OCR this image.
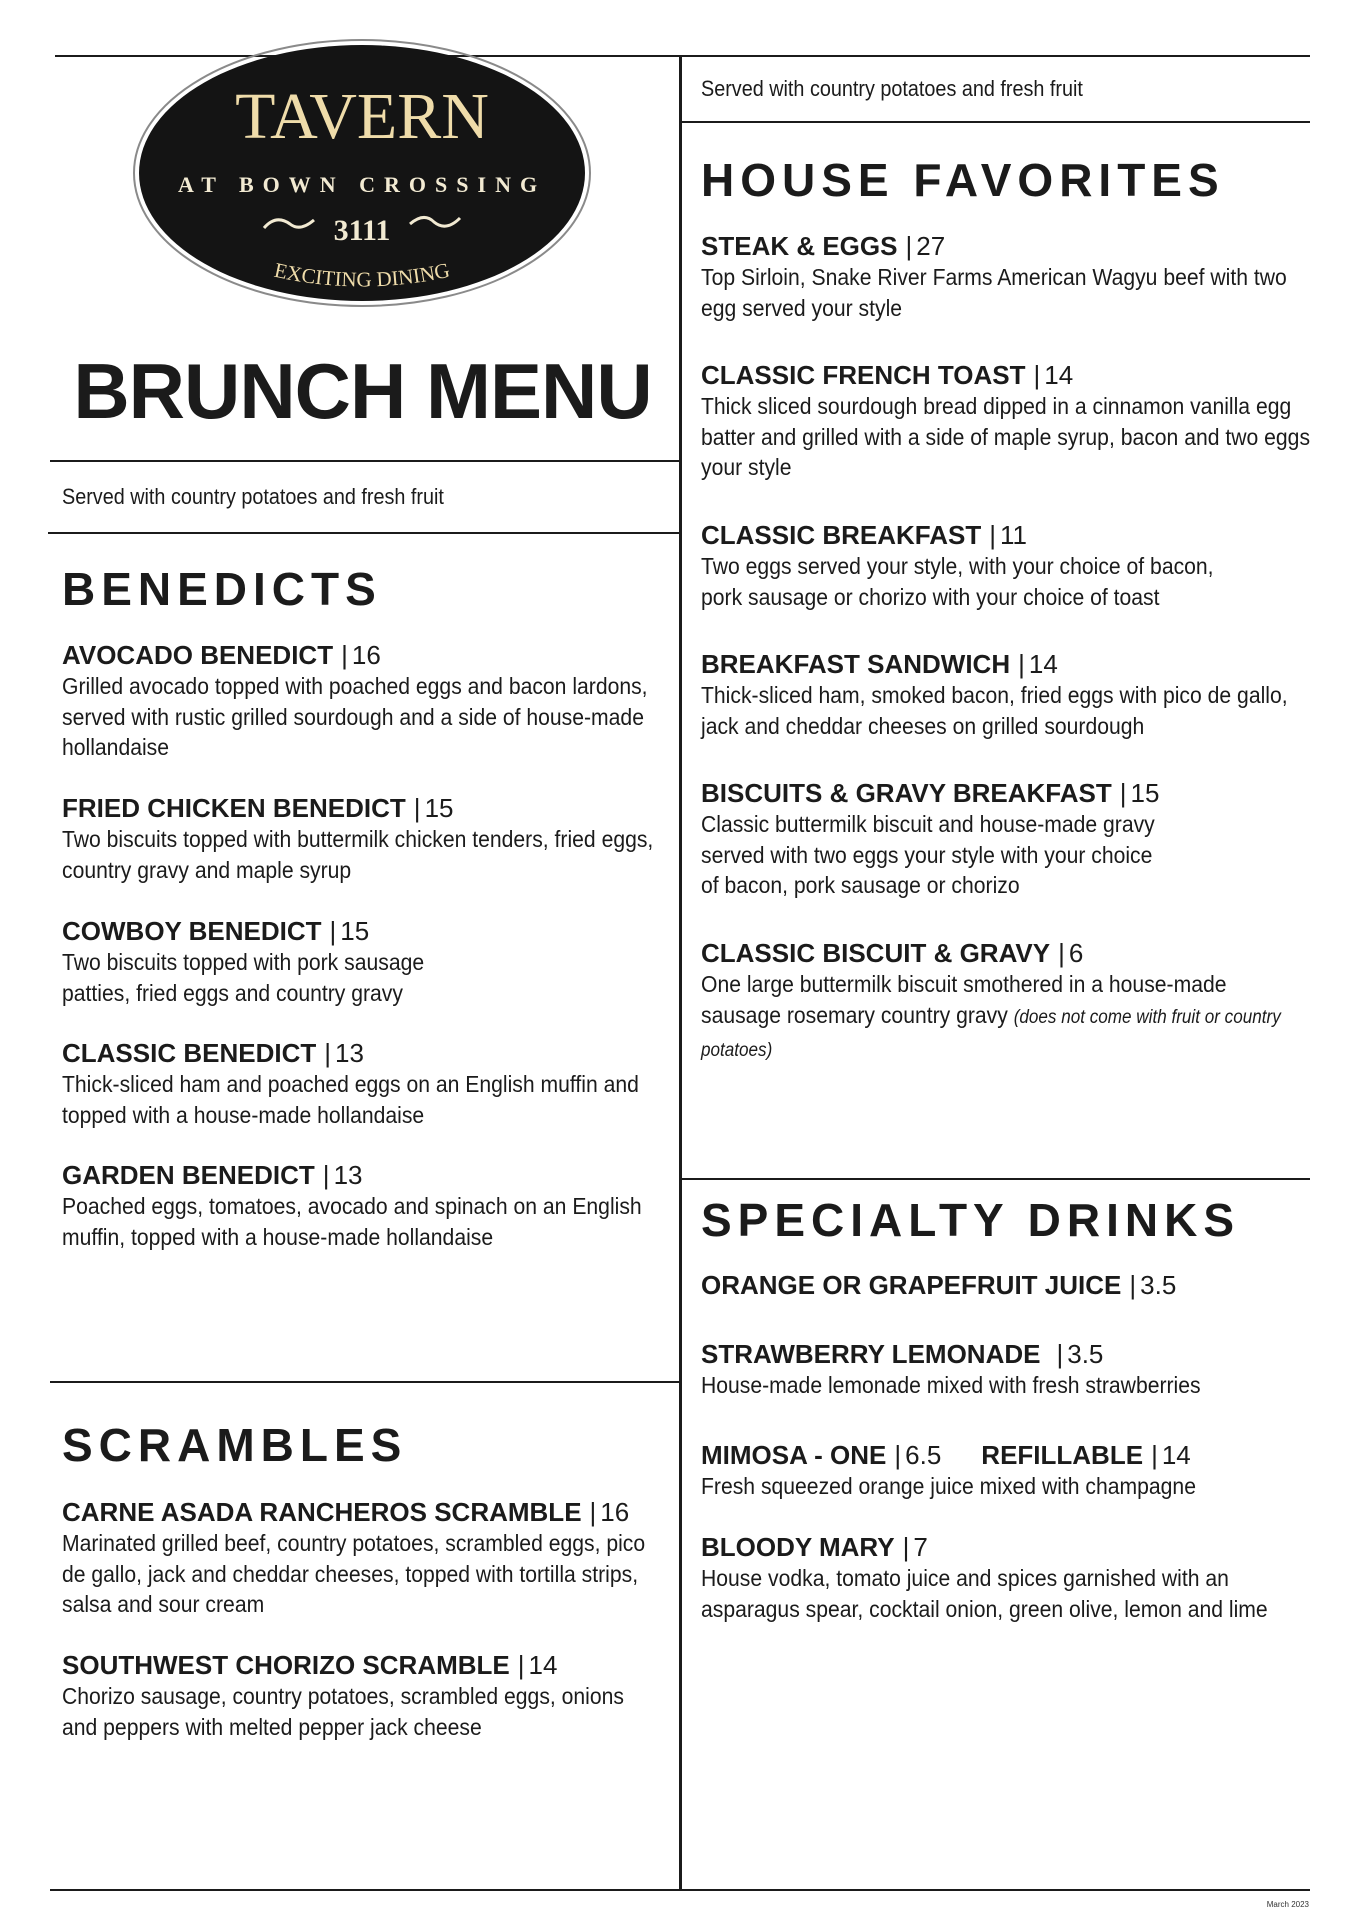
TAVERN
AT BOWN CROSSING
3111
EXCITING DINING
BRUNCH MENU
Served with country potatoes and fresh fruit
Served with country potatoes and fresh fruit
BENEDICTS
AVOCADO BENEDICT | 16

Grilled avocado topped with poached eggs and bacon lardons, served with rustic grilled sourdough and a side of house-made hollandaise

FRIED CHICKEN BENEDICT | 15

Two biscuits topped with buttermilk chicken tenders, fried eggs, country gravy and maple syrup

COWBOY BENEDICT | 15

Two biscuits topped with pork sausage patties, fried eggs and country gravy

CLASSIC BENEDICT | 13

Thick-sliced ham and poached eggs on an English muffin and topped with a house-made hollandaise

GARDEN BENEDICT | 13

Poached eggs, tomatoes, avocado and spinach on an English muffin, topped with a house-made hollandaise

SCRAMBLES
CARNE ASADA RANCHEROS SCRAMBLE | 16

Marinated grilled beef, country potatoes, scrambled eggs, pico de gallo, jack and cheddar cheeses, topped with tortilla strips, salsa and sour cream

SOUTHWEST CHORIZO SCRAMBLE | 14

Chorizo sausage, country potatoes, scrambled eggs, onions and peppers with melted pepper jack cheese

HOUSE FAVORITES
STEAK & EGGS | 27

Top Sirloin, Snake River Farms American Wagyu beef with two egg served your style

CLASSIC FRENCH TOAST | 14

Thick sliced sourdough bread dipped in a cinnamon vanilla egg batter and grilled with a side of maple syrup, bacon and two eggs your style

CLASSIC BREAKFAST | 11

Two eggs served your style, with your choice of bacon, pork sausage or chorizo with your choice of toast

BREAKFAST SANDWICH | 14

Thick-sliced ham, smoked bacon, fried eggs with pico de gallo, jack and cheddar cheeses on grilled sourdough

BISCUITS & GRAVY BREAKFAST | 15

Classic buttermilk biscuit and house-made gravy served with two eggs your style with your choice of bacon, pork sausage or chorizo

CLASSIC BISCUIT & GRAVY | 6

One large buttermilk biscuit smothered in a house-made sausage rosemary country gravy (does not come with fruit or country potatoes)

SPECIALTY DRINKS
ORANGE OR GRAPEFRUIT JUICE | 3.5
STRAWBERRY LEMONADE | 3.5

House-made lemonade mixed with fresh strawberries

MIMOSA - ONE | 6.5 REFILLABLE | 14

Fresh squeezed orange juice mixed with champagne

BLOODY MARY | 7

House vodka, tomato juice and spices garnished with an asparagus spear, cocktail onion, green olive, lemon and lime

March 2023
